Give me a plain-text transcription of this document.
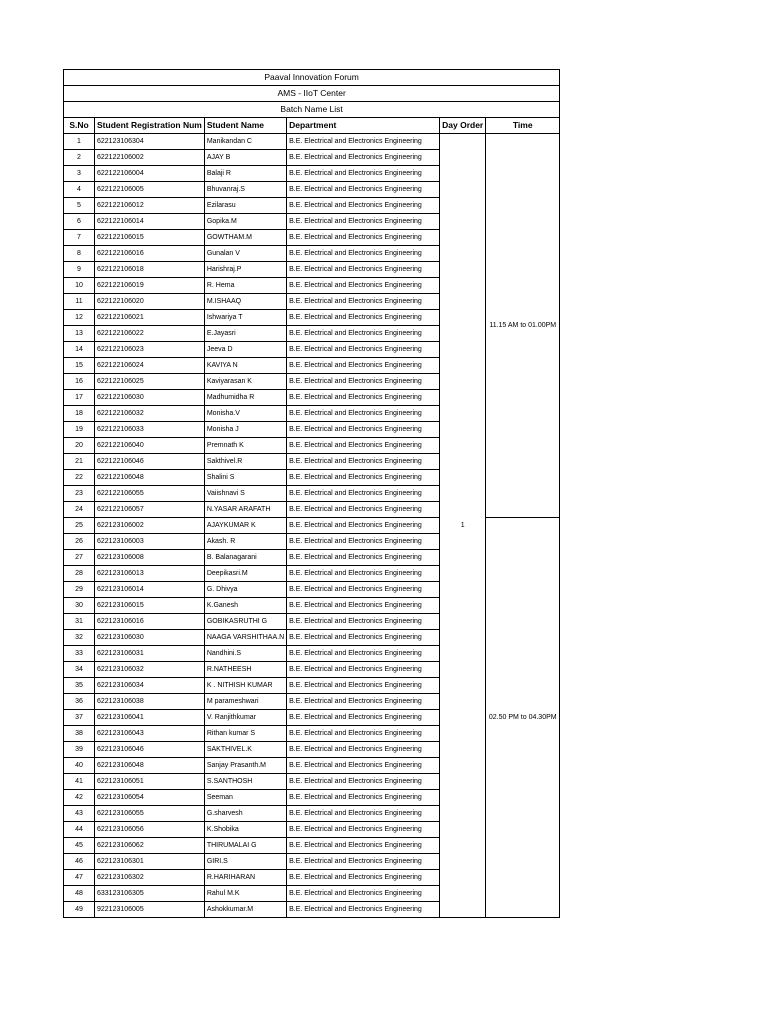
Paaval Innovation Forum					
AMS - IIoT Center					
Batch Name List					
S.No	Student Registration Num	Student Name	Department	Day Order	Time
1	622123106304	Manikandan C	B.E. Electrical and Electronics Engineering	1	11.15 AM to 01.00PM
2	622122106002	AJAY B	B.E. Electrical and Electronics Engineering		
3	622122106004	Balaji R	B.E. Electrical and Electronics Engineering		
4	622122106005	Bhuvanraj.S	B.E. Electrical and Electronics Engineering		
5	622122106012	Ezilarasu	B.E. Electrical and Electronics Engineering		
6	622122106014	Gopika.M	B.E. Electrical and Electronics Engineering		
7	622122106015	GOWTHAM.M	B.E. Electrical and Electronics Engineering		
8	622122106016	Gunalan V	B.E. Electrical and Electronics Engineering		
9	622122106018	Harishraj.P	B.E. Electrical and Electronics Engineering		
10	622122106019	R. Hema	B.E. Electrical and Electronics Engineering		
11	622122106020	M.ISHAAQ	B.E. Electrical and Electronics Engineering		
12	622122106021	Ishwariya T	B.E. Electrical and Electronics Engineering		
13	622122106022	E.Jayasri	B.E. Electrical and Electronics Engineering		
14	622122106023	Jeeva D	B.E. Electrical and Electronics Engineering		
15	622122106024	KAVIYA N	B.E. Electrical and Electronics Engineering		
16	622122106025	Kaviyarasan K	B.E. Electrical and Electronics Engineering		
17	622122106030	Madhumidha R	B.E. Electrical and Electronics Engineering		
18	622122106032	Monisha.V	B.E. Electrical and Electronics Engineering		
19	622122106033	Monisha J	B.E. Electrical and Electronics Engineering		
20	622122106040	Premnath K	B.E. Electrical and Electronics Engineering		
21	622122106046	Sakthivel.R	B.E. Electrical and Electronics Engineering		
22	622122106048	Shalini S	B.E. Electrical and Electronics Engineering		
23	622122106055	Vaiishnavi S	B.E. Electrical and Electronics Engineering		
24	622122106057	N.YASAR ARAFATH	B.E. Electrical and Electronics Engineering		
25	622123106002	AJAYKUMAR K	B.E. Electrical and Electronics Engineering		02.50 PM to 04.30PM
26	622123106003	Akash. R	B.E. Electrical and Electronics Engineering		
27	622123106008	B. Balanagarani	B.E. Electrical and Electronics Engineering		
28	622123106013	Deepikasri.M	B.E. Electrical and Electronics Engineering		
29	622123106014	G. Dhivya	B.E. Electrical and Electronics Engineering		
30	622123106015	K.Ganesh	B.E. Electrical and Electronics Engineering		
31	622123106016	GOBIKASRUTHI G	B.E. Electrical and Electronics Engineering		
32	622123106030	NAAGA VARSHITHAA.N	B.E. Electrical and Electronics Engineering		
33	622123106031	Nandhini.S	B.E. Electrical and Electronics Engineering		
34	622123106032	R.NATHEESH	B.E. Electrical and Electronics Engineering		
35	622123106034	K . NITHISH KUMAR	B.E. Electrical and Electronics Engineering		
36	622123106038	M parameshwari	B.E. Electrical and Electronics Engineering		
37	622123106041	V. Ranjithkumar	B.E. Electrical and Electronics Engineering		
38	622123106043	Rithan kumar S	B.E. Electrical and Electronics Engineering		
39	622123106046	SAKTHIVEL.K	B.E. Electrical and Electronics Engineering		
40	622123106048	Sanjay Prasanth.M	B.E. Electrical and Electronics Engineering		
41	622123106051	S.SANTHOSH	B.E. Electrical and Electronics Engineering		
42	622123106054	Seeman	B.E. Electrical and Electronics Engineering		
43	622123106055	G.sharvesh	B.E. Electrical and Electronics Engineering		
44	622123106056	K.Shobika	B.E. Electrical and Electronics Engineering		
45	622123106062	THIRUMALAI G	B.E. Electrical and Electronics Engineering		
46	622123106301	GIRI.S	B.E. Electrical and Electronics Engineering		
47	622123106302	R.HARIHARAN	B.E. Electrical and Electronics Engineering		
48	633123106305	Rahul M.K	B.E. Electrical and Electronics Engineering		
49	922123106005	Ashokkumar.M	B.E. Electrical and Electronics Engineering		
